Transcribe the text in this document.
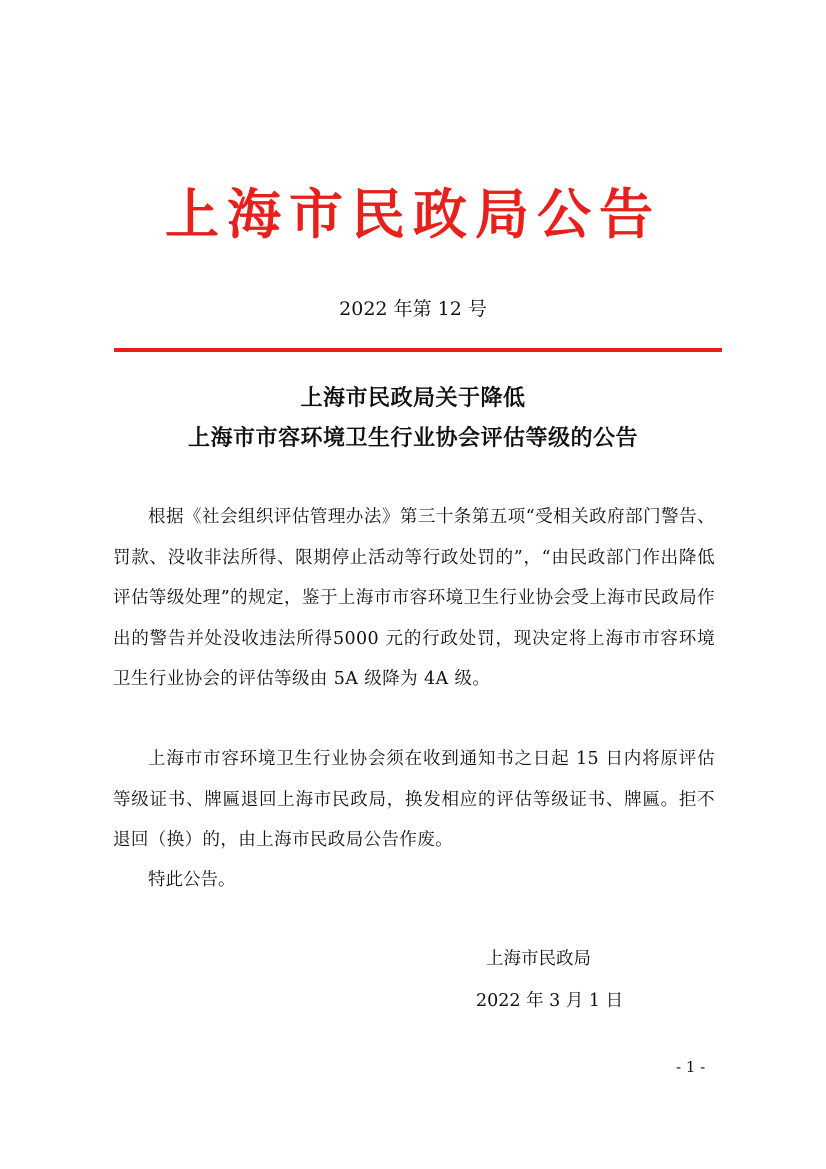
上海市民政局公告
2022 年第 12 号
上海市民政局关于降低
上海市市容环境卫生行业协会评估等级的公告

根据《社会组织评估管理办法》第三十条第五项“受相关政府部门警告、罚款、没收非法所得、限期停止活动等行政处罚的”，“由民政部门作出降低评估等级处理”的规定，鉴于上海市市容环境卫生行业协会受上海市民政局作出的警告并处没收违法所得5000 元的行政处罚，现决定将上海市市容环境卫生行业协会的评估等级由 5A 级降为 4A 级。

上海市市容环境卫生行业协会须在收到通知书之日起 15 日内将原评估等级证书、牌匾退回上海市民政局，换发相应的评估等级证书、牌匾。拒不退回（换）的，由上海市民政局公告作废。

特此公告。

上海市民政局
2022 年 3 月 1 日
- 1 -
